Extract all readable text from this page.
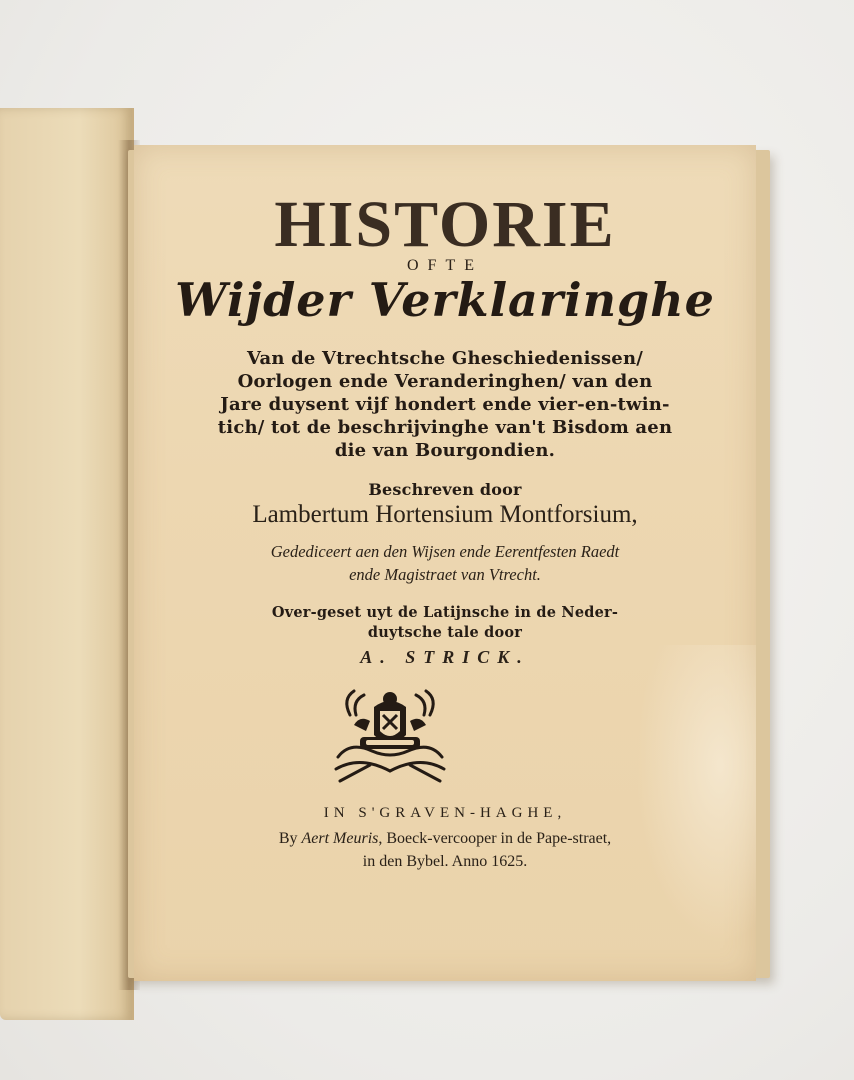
HISTORIE
OFTE
Wijder Verklaringhe
Van de Vtrechtsche Gheschiedenissen/
Oorlogen ende Veranderinghen/ van den
Jare duysent vijf hondert ende vier-en-twin-
tich/ tot de beschrijvinghe van't Bisdom aen
die van Bourgondien.
Beschreven door
Lambertum Hortensium Montforsium,
Gedediceert aen den Wijsen ende Eerentfesten Raedt
ende Magistraet van Vtrecht.
Over-geset uyt de Latijnsche in de Neder-
duytsche tale door
A. STRICK.
IN S'GRAVEN-HAGHE,
By Aert Meuris, Boeck-vercooper in de Pape-straet,
in den Bybel. Anno 1625.
